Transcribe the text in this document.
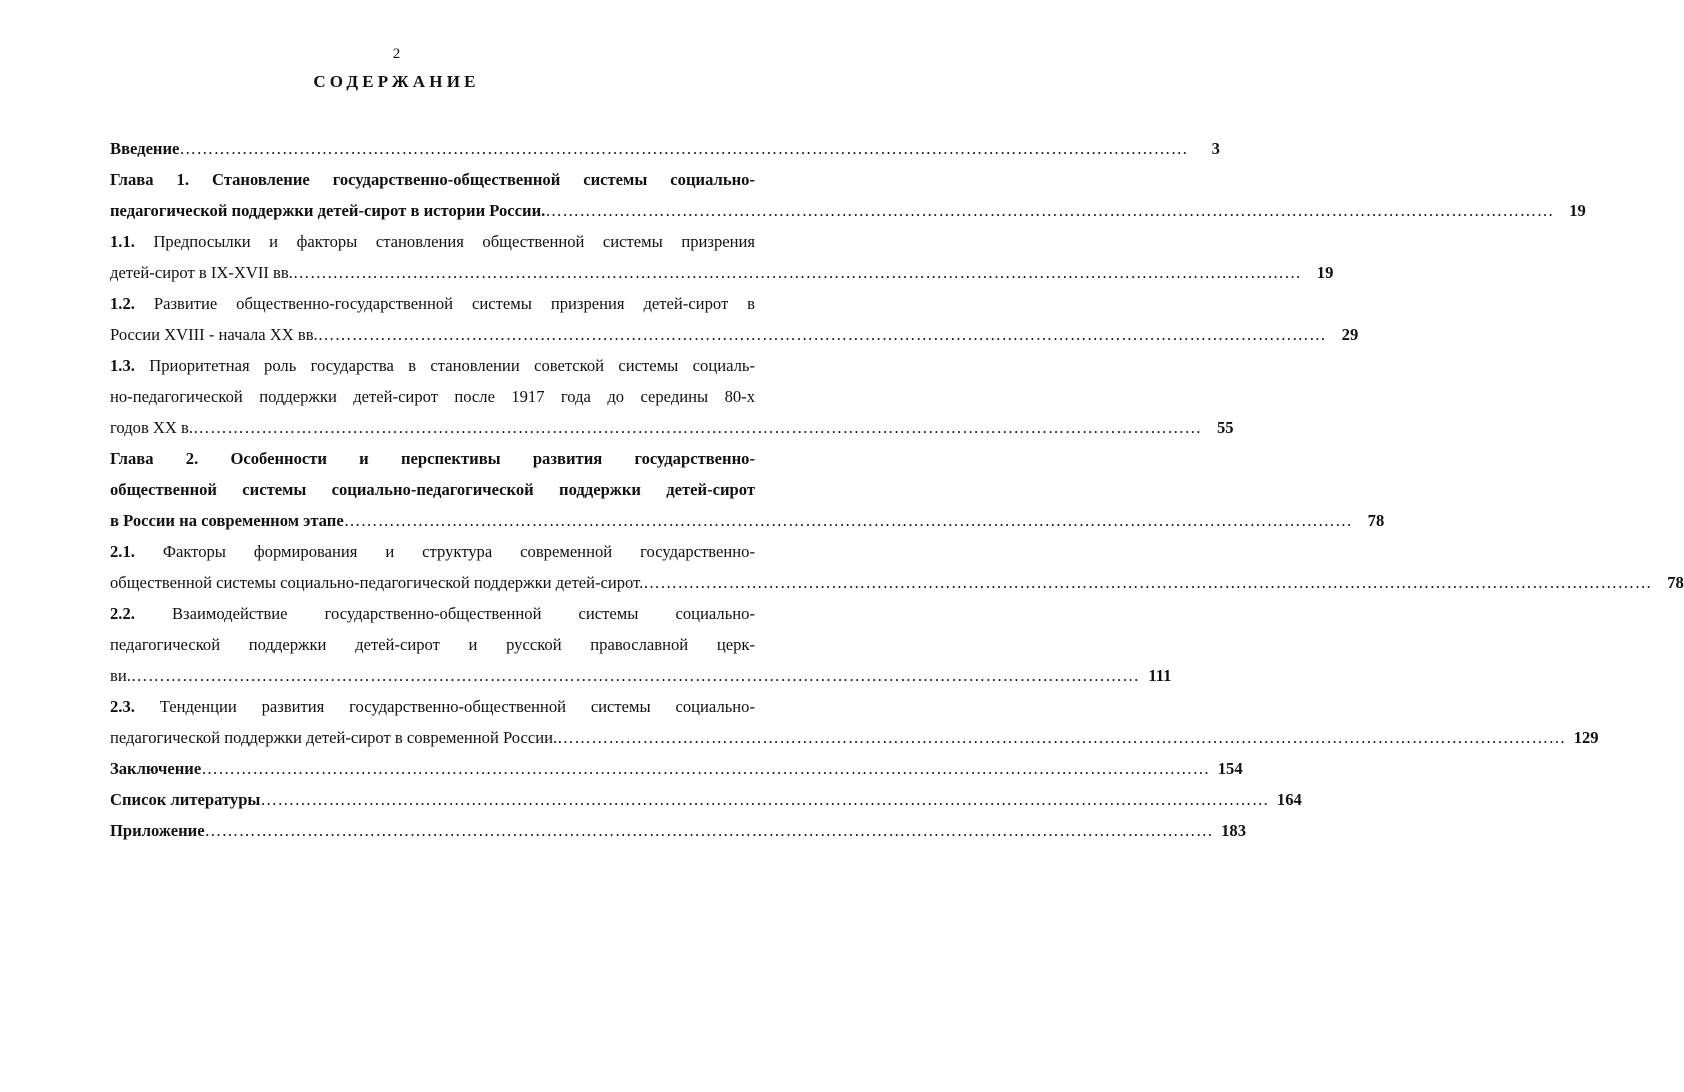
2
СОДЕРЖАНИЕ
Введение ……………………………………………………………………………………………………………………………………………………………	3
Глава 1. Становление государственно-общественной системы социально-
педагогической поддержки детей-сирот в истории России. …………………………………………………………………………………………………………………………………………………………… 19
1.1. Предпосылки и факторы становления общественной системы призрения
детей-сирот в IX-XVII вв. …………………………………………………………………………………………………………………………………………………………… 19
1.2. Развитие общественно-государственной системы призрения детей-сирот в
России XVIII - начала XX вв. …………………………………………………………………………………………………………………………………………………………… 29
1.3. Приоритетная роль государства в становлении советской системы социаль-
но-педагогической поддержки детей-сирот после 1917 года до середины 80-х
годов XX в. …………………………………………………………………………………………………………………………………………………………… 55
Глава 2. Особенности и перспективы развития государственно-
общественной системы социально-педагогической поддержки детей-сирот
в России на современном этапе …………………………………………………………………………………………………………………………………………………………… 78
2.1. Факторы формирования и структура современной государственно-
общественной системы социально-педагогической поддержки детей-сирот. …………………………………………………………………………………………………………………………………………………………… 78
2.2. Взаимодействие государственно-общественной системы социально-
педагогической поддержки детей-сирот и русской православной церк-
ви. …………………………………………………………………………………………………………………………………………………………… 111
2.3. Тенденции развития государственно-общественной системы социально-
педагогической поддержки детей-сирот в современной России. …………………………………………………………………………………………………………………………………………………………… 129
Заключение …………………………………………………………………………………………………………………………………………………………… 154
Список литературы …………………………………………………………………………………………………………………………………………………………… 164
Приложение …………………………………………………………………………………………………………………………………………………………… 183
